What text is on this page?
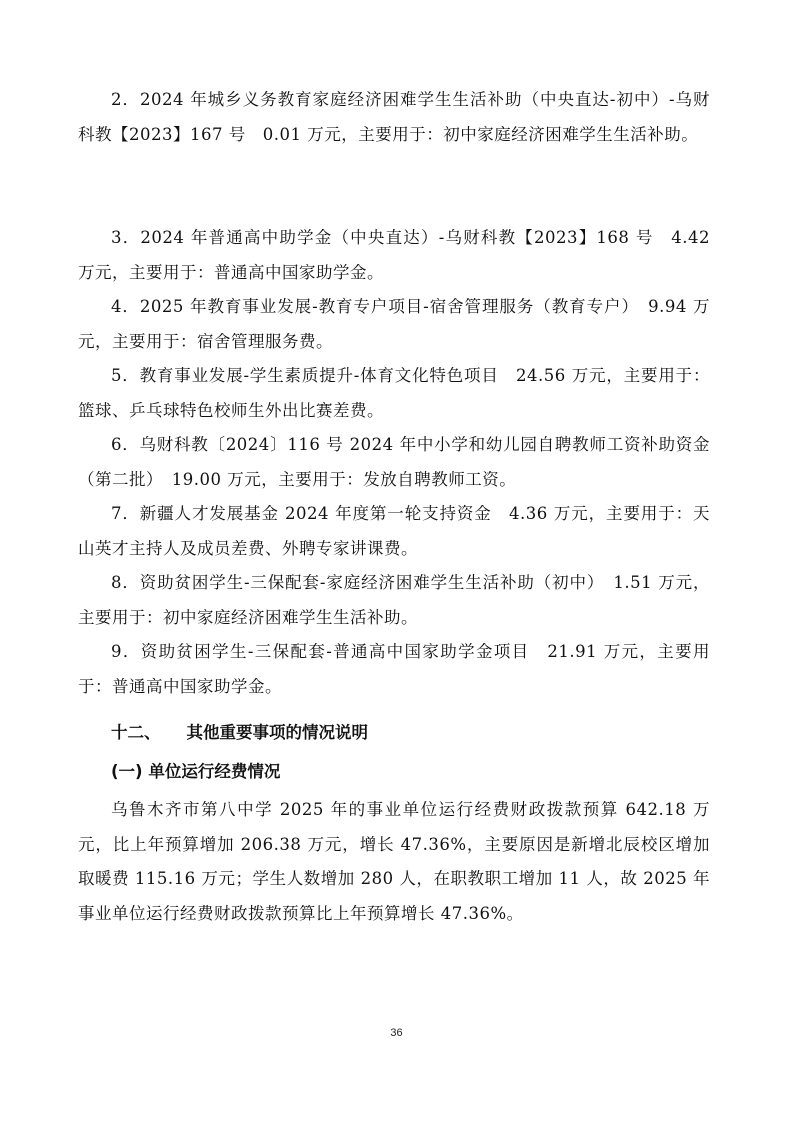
2．2024 年城乡义务教育家庭经济困难学生生活补助（中央直达-初中）-乌财科教【2023】167 号　0.01 万元，主要用于：初中家庭经济困难学生生活补助。

3．2024 年普通高中助学金（中央直达）-乌财科教【2023】168 号　4.42 万元，主要用于：普通高中国家助学金。

4．2025 年教育事业发展-教育专户项目-宿舍管理服务（教育专户）　9.94 万元，主要用于：宿舍管理服务费。

5．教育事业发展-学生素质提升-体育文化特色项目　24.56 万元，主要用于：篮球、乒乓球特色校师生外出比赛差费。

6．乌财科教〔2024〕116 号 2024 年中小学和幼儿园自聘教师工资补助资金（第二批）　19.00 万元，主要用于：发放自聘教师工资。

7．新疆人才发展基金 2024 年度第一轮支持资金　4.36 万元，主要用于：天山英才主持人及成员差费、外聘专家讲课费。

8．资助贫困学生-三保配套-家庭经济困难学生生活补助（初中）　1.51 万元，主要用于：初中家庭经济困难学生生活补助。

9．资助贫困学生-三保配套-普通高中国家助学金项目　21.91 万元，主要用于：普通高中国家助学金。

十二、 其他重要事项的情况说明
(一) 单位运行经费情况

乌鲁木齐市第八中学 2025 年的事业单位运行经费财政拨款预算 642.18 万元，比上年预算增加 206.38 万元，增长 47.36%，主要原因是新增北辰校区增加取暖费 115.16 万元；学生人数增加 280 人，在职教职工增加 11 人，故 2025 年事业单位运行经费财政拨款预算比上年预算增长 47.36%。

36
